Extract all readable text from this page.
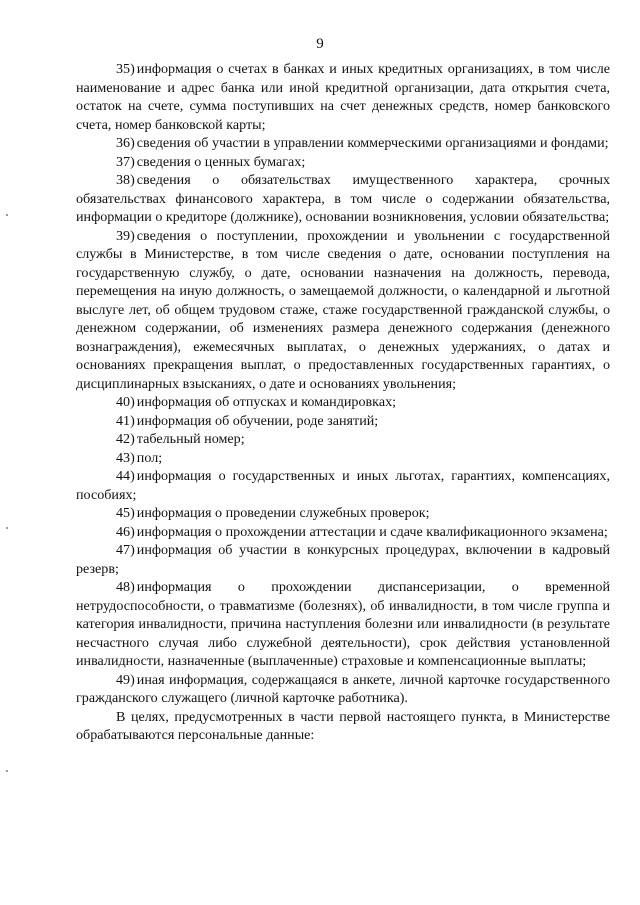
9

35) информация о счетах в банках и иных кредитных организациях, в том числе наименование и адрес банка или иной кредитной организации, дата открытия счета, остаток на счете, сумма поступивших на счет денежных средств, номер банковского счета, номер банковской карты;

36) сведения об участии в управлении коммерческими организациями и фондами;

37) сведения о ценных бумагах;

38) сведения о обязательствах имущественного характера, срочных обязательствах финансового характера, в том числе о содержании обязательства, информации о кредиторе (должнике), основании возникновения, условии обязательства;

39) сведения о поступлении, прохождении и увольнении с государственной службы в Министерстве, в том числе сведения о дате, основании поступления на государственную службу, о дате, основании назначения на должность, перевода, перемещения на иную должность, о замещаемой должности, о календарной и льготной выслуге лет, об общем трудовом стаже, стаже государственной гражданской службы, о денежном содержании, об изменениях размера денежного содержания (денежного вознаграждения), ежемесячных выплатах, о денежных удержаниях, о датах и основаниях прекращения выплат, о предоставленных государственных гарантиях, о дисциплинарных взысканиях, о дате и основаниях увольнения;

40) информация об отпусках и командировках;

41) информация об обучении, роде занятий;

42) табельный номер;

43) пол;

44) информация о государственных и иных льготах, гарантиях, компенсациях, пособиях;

45) информация о проведении служебных проверок;

46) информация о прохождении аттестации и сдаче квалификационного экзамена;

47) информация об участии в конкурсных процедурах, включении в кадровый резерв;

48) информация о прохождении диспансеризации, о временной нетрудоспособности, о травматизме (болезнях), об инвалидности, в том числе группа и категория инвалидности, причина наступления болезни или инвалидности (в результате несчастного случая либо служебной деятельности), срок действия установленной инвалидности, назначенные (выплаченные) страховые и компенсационные выплаты;

49) иная информация, содержащаяся в анкете, личной карточке государственного гражданского служащего (личной карточке работника).

В целях, предусмотренных в части первой настоящего пункта, в Министерстве обрабатываются персональные данные:
